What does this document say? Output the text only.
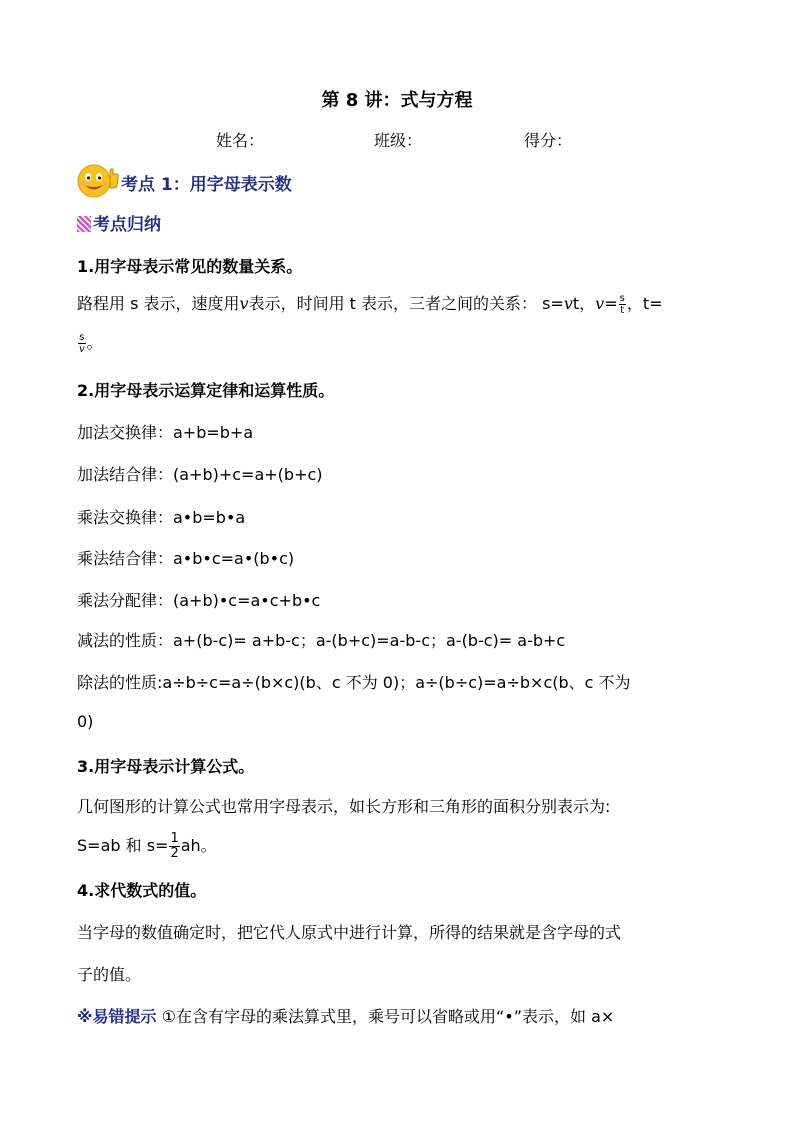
第 8 讲：式与方程
姓名：	班级：	得分：
考点 1：用字母表示数
考点归纳
1.用字母表示常见的数量关系。
路程用 s 表示，速度用v表示，时间用 t 表示，三者之间的关系： s=vt，$v= \frac{s}{t}$ ，t=
$\frac{s}{v}$ 。
2.用字母表示运算定律和运算性质。
加法交换律：a+b=b+a
加法结合律：(a+b)+c=a+(b+c)
乘法交换律：a•b=b•a
乘法结合律：a•b•c=a•(b•c)
乘法分配律：(a+b)•c=a•c+b•c
减法的性质：a+(b-c)= a+b-c；a-(b+c)=a-b-c；a-(b-c)= a-b+c
除法的性质:a÷b÷c=a÷(b×c)(b、c 不为 0)；a÷(b÷c)=a÷b×c(b、c 不为
0)
3.用字母表示计算公式。
几何图形的计算公式也常用字母表示，如长方形和三角形的面积分别表示为:
S=ab 和 $s= \frac{1}{2}$ ah。
4.求代数式的值。
当字母的数值确定时，把它代人原式中进行计算，所得的结果就是含字母的式
子的值。
※易错提示 ①在含有字母的乘法算式里，乘号可以省略或用“•”表示，如 a×
